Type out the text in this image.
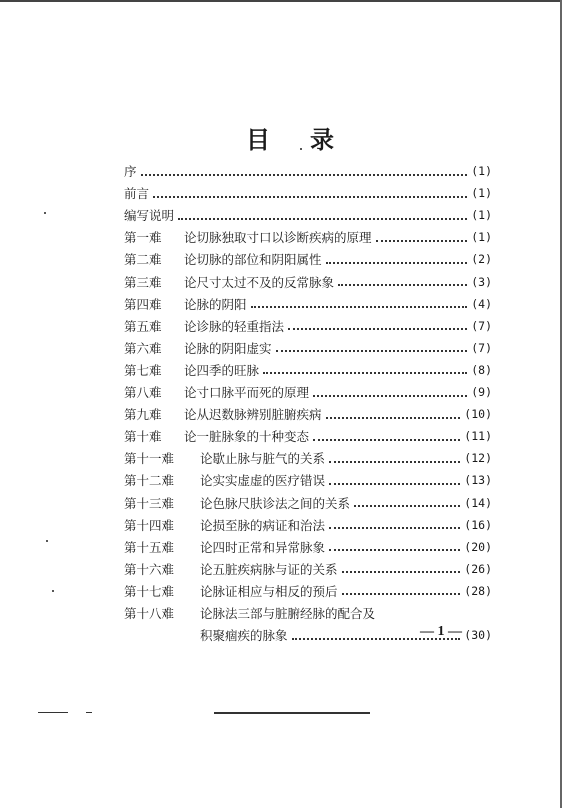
目 录
序	(1)
前言	(1)
编写说明	(1)
第一难	论切脉独取寸口以诊断疾病的原理	(1)
第二难	论切脉的部位和阴阳属性	(2)
第三难	论尺寸太过不及的反常脉象	(3)
第四难	论脉的阴阳	(4)
第五难	论诊脉的轻重指法	(7)
第六难	论脉的阴阳虚实	(7)
第七难	论四季的旺脉	(8)
第八难	论寸口脉平而死的原理	(9)
第九难	论从迟数脉辨别脏腑疾病	(10)
第十难	论一脏脉象的十种变态	(11)
第十一难	论歇止脉与脏气的关系	(12)
第十二难	论实实虚虚的医疗错误	(13)
第十三难	论色脉尺肤诊法之间的关系	(14)
第十四难	论损至脉的病证和治法	(16)
第十五难	论四时正常和异常脉象	(20)
第十六难	论五脏疾病脉与证的关系	(26)
第十七难	论脉证相应与相反的预后	(28)
第十八难	论脉法三部与脏腑经脉的配合及
积聚痼疾的脉象	(30)
— 1 —
